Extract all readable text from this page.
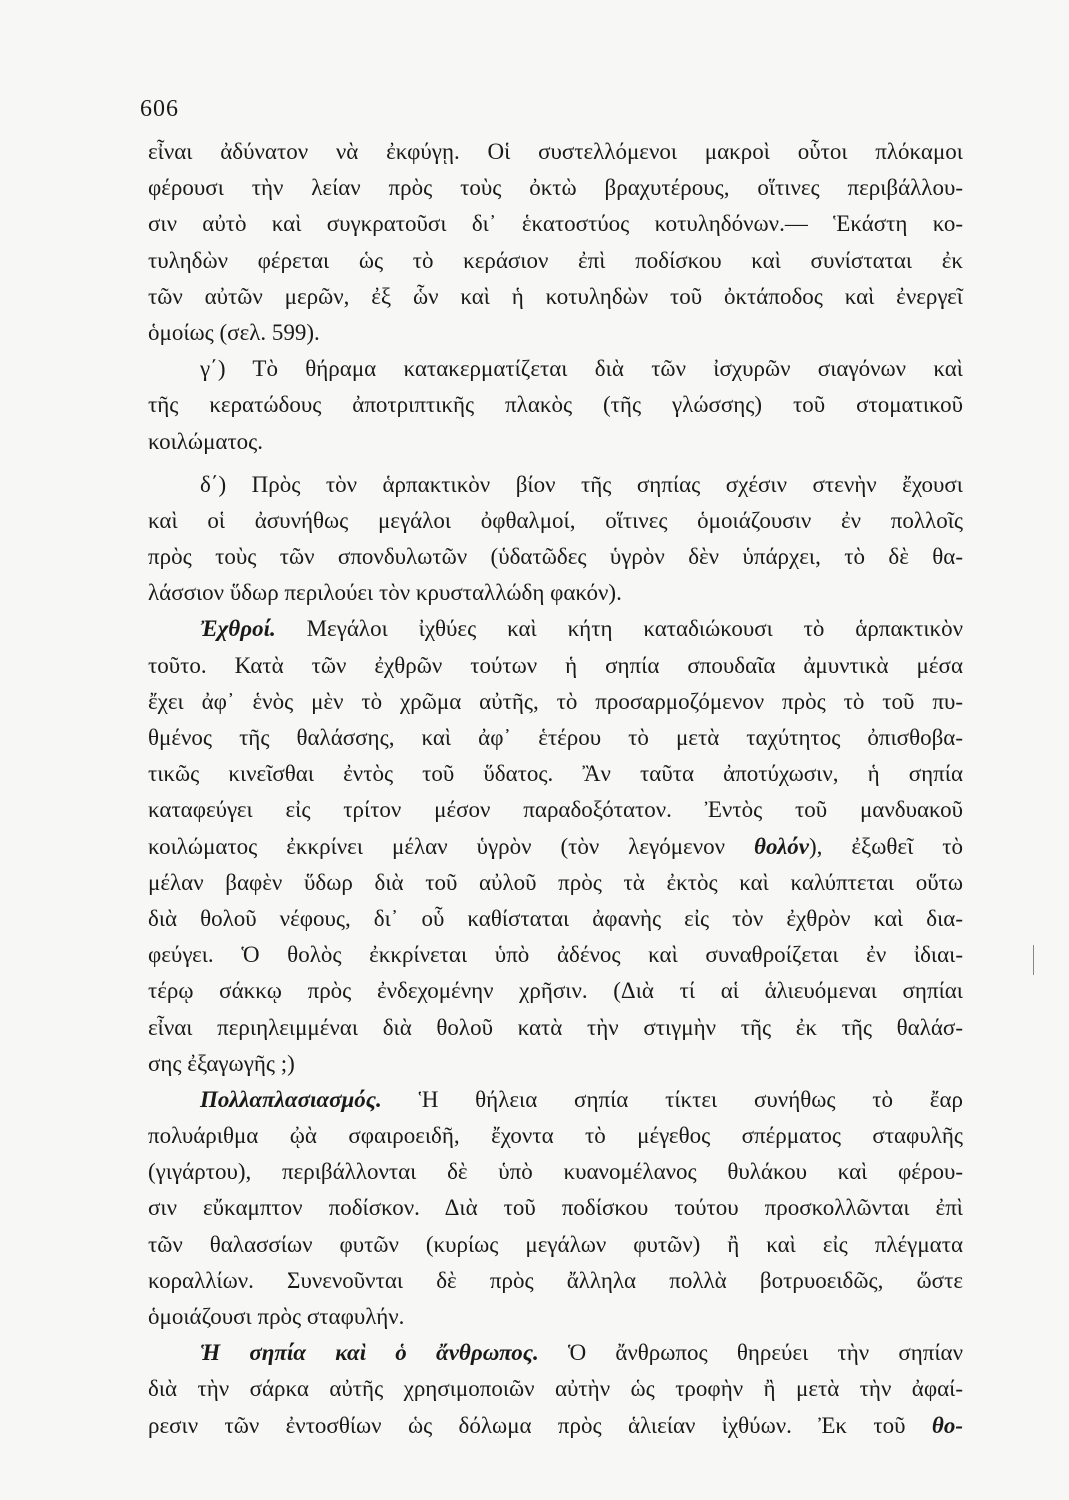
606
εἶναι ἀδύνατον νὰ ἐκφύγῃ. Οἱ συστελλόμενοι μακροὶ οὗτοι πλόκαμοι
φέρουσι τὴν λείαν πρὸς τοὺς ὀκτὼ βραχυτέρους, οἵτινες περιβάλλου-
σιν αὐτὸ καὶ συγκρατοῦσι δι᾽ ἑκατοστύος κοτυληδόνων.— Ἑκάστη κο-
τυληδὼν φέρεται ὡς τὸ κεράσιον ἐπὶ ποδίσκου καὶ συνίσταται ἐκ
τῶν αὐτῶν μερῶν, ἐξ ὧν καὶ ἡ κοτυληδὼν τοῦ ὀκτάποδος καὶ ἐνεργεῖ
ὁμοίως (σελ. 599).
γ΄) Τὸ θήραμα κατακερματίζεται διὰ τῶν ἰσχυρῶν σιαγόνων καὶ
τῆς κερατώδους ἀποτριπτικῆς πλακὸς (τῆς γλώσσης) τοῦ στοματικοῦ
κοιλώματος.
δ΄) Πρὸς τὸν ἁρπακτικὸν βίον τῆς σηπίας σχέσιν στενὴν ἔχουσι
καὶ οἱ ἀσυνήθως μεγάλοι ὀφθαλμοί, οἵτινες ὁμοιάζουσιν ἐν πολλοῖς
πρὸς τοὺς τῶν σπονδυλωτῶν (ὑδατῶδες ὑγρὸν δὲν ὑπάρχει, τὸ δὲ θα-
λάσσιον ὕδωρ περιλούει τὸν κρυσταλλώδη φακόν).
Ἐχθροί. Μεγάλοι ἰχθύες καὶ κήτη καταδιώκουσι τὸ ἁρπακτικὸν
τοῦτο. Κατὰ τῶν ἐχθρῶν τούτων ἡ σηπία σπουδαῖα ἀμυντικὰ μέσα
ἔχει ἀφ᾽ ἑνὸς μὲν τὸ χρῶμα αὐτῆς, τὸ προσαρμοζόμενον πρὸς τὸ τοῦ πυ-
θμένος τῆς θαλάσσης, καὶ ἀφ᾽ ἑτέρου τὸ μετὰ ταχύτητος ὀπισθοβα-
τικῶς κινεῖσθαι ἐντὸς τοῦ ὕδατος. Ἂν ταῦτα ἀποτύχωσιν, ἡ σηπία
καταφεύγει εἰς τρίτον μέσον παραδοξότατον. Ἐντὸς τοῦ μανδυακοῦ
κοιλώματος ἐκκρίνει μέλαν ὑγρὸν (τὸν λεγόμενον θολόν), ἐξωθεῖ τὸ
μέλαν βαφὲν ὕδωρ διὰ τοῦ αὐλοῦ πρὸς τὰ ἐκτὸς καὶ καλύπτεται οὕτω
διὰ θολοῦ νέφους, δι᾽ οὗ καθίσταται ἀφανὴς εἰς τὸν ἐχθρὸν καὶ δια-
φεύγει. Ὁ θολὸς ἐκκρίνεται ὑπὸ ἀδένος καὶ συναθροίζεται ἐν ἰδιαι-
τέρῳ σάκκῳ πρὸς ἐνδεχομένην χρῆσιν. (Διὰ τί αἱ ἁλιευόμεναι σηπίαι
εἶναι περιηλειμμέναι διὰ θολοῦ κατὰ τὴν στιγμὴν τῆς ἐκ τῆς θαλάσ-
σης ἐξαγωγῆς ;)
Πολλαπλασιασμός. Ἡ θήλεια σηπία τίκτει συνήθως τὸ ἔαρ
πολυάριθμα ᾠὰ σφαιροειδῆ, ἔχοντα τὸ μέγεθος σπέρματος σταφυλῆς
(γιγάρτου), περιβάλλονται δὲ ὑπὸ κυανομέλανος θυλάκου καὶ φέρου-
σιν εὔκαμπτον ποδίσκον. Διὰ τοῦ ποδίσκου τούτου προσκολλῶνται ἐπὶ
τῶν θαλασσίων φυτῶν (κυρίως μεγάλων φυτῶν) ἢ καὶ εἰς πλέγματα
κοραλλίων. Συνενοῦνται δὲ πρὸς ἄλληλα πολλὰ βοτρυοειδῶς, ὥστε
ὁμοιάζουσι πρὸς σταφυλήν.
Ἡ σηπία καὶ ὁ ἄνθρωπος. Ὁ ἄνθρωπος θηρεύει τὴν σηπίαν
διὰ τὴν σάρκα αὐτῆς χρησιμοποιῶν αὐτὴν ὡς τροφὴν ἢ μετὰ τὴν ἀφαί-
ρεσιν τῶν ἐντοσθίων ὡς δόλωμα πρὸς ἁλιείαν ἰχθύων. Ἐκ τοῦ θο-
